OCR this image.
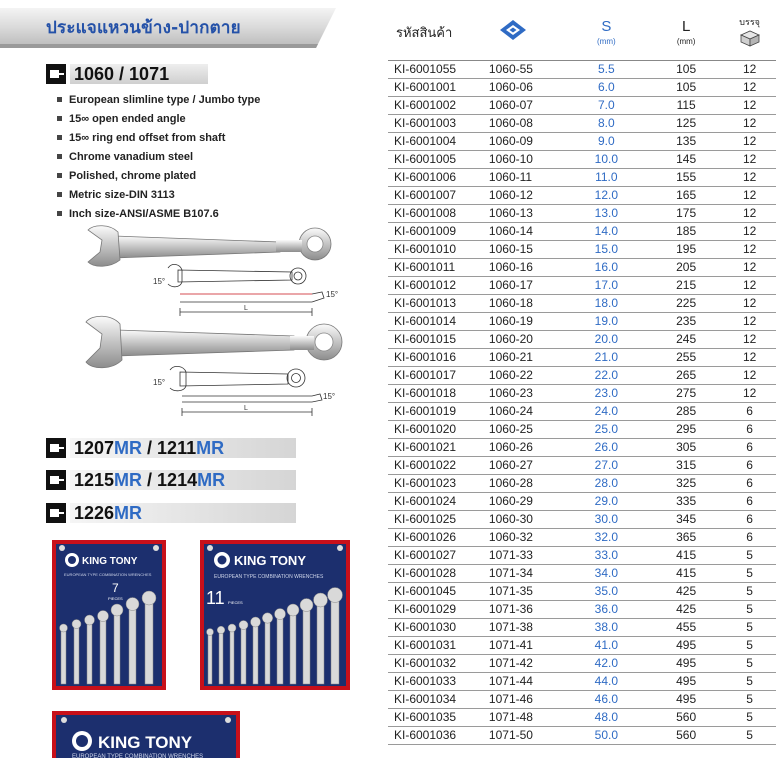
ประแจแหวนข้าง-ปากตาย
1060 / 1071
1207MR / 1211MR
1215MR / 1214MR
1226MR
European slimline type / Jumbo type
15∞ open ended angle
15∞ ring end offset from shaft
Chrome vanadium steel
Polished, chrome plated
Metric size-DIN 3113
Inch size-ANSI/ASME B107.6
15°
15°
L
15°
15°
L
KING TONY
EUROPEAN TYPE COMBINATION WRENCHES
7
PIECES
KING TONY
EUROPEAN TYPE COMBINATION WRENCHES
11 PIECES
KING TONY
EUROPEAN TYPE COMBINATION WRENCHES
รหัสสินค้า		S
(mm)	L
(mm)	บรรจุ

KI-6001055	1060-55	5.5	105	12
KI-6001001	1060-06	6.0	105	12
KI-6001002	1060-07	7.0	115	12
KI-6001003	1060-08	8.0	125	12
KI-6001004	1060-09	9.0	135	12
KI-6001005	1060-10	10.0	145	12
KI-6001006	1060-11	11.0	155	12
KI-6001007	1060-12	12.0	165	12
KI-6001008	1060-13	13.0	175	12
KI-6001009	1060-14	14.0	185	12
KI-6001010	1060-15	15.0	195	12
KI-6001011	1060-16	16.0	205	12
KI-6001012	1060-17	17.0	215	12
KI-6001013	1060-18	18.0	225	12
KI-6001014	1060-19	19.0	235	12
KI-6001015	1060-20	20.0	245	12
KI-6001016	1060-21	21.0	255	12
KI-6001017	1060-22	22.0	265	12
KI-6001018	1060-23	23.0	275	12
KI-6001019	1060-24	24.0	285	6
KI-6001020	1060-25	25.0	295	6
KI-6001021	1060-26	26.0	305	6
KI-6001022	1060-27	27.0	315	6
KI-6001023	1060-28	28.0	325	6
KI-6001024	1060-29	29.0	335	6
KI-6001025	1060-30	30.0	345	6
KI-6001026	1060-32	32.0	365	6
KI-6001027	1071-33	33.0	415	5
KI-6001028	1071-34	34.0	415	5
KI-6001045	1071-35	35.0	425	5
KI-6001029	1071-36	36.0	425	5
KI-6001030	1071-38	38.0	455	5
KI-6001031	1071-41	41.0	495	5
KI-6001032	1071-42	42.0	495	5
KI-6001033	1071-44	44.0	495	5
KI-6001034	1071-46	46.0	495	5
KI-6001035	1071-48	48.0	560	5
KI-6001036	1071-50	50.0	560	5
